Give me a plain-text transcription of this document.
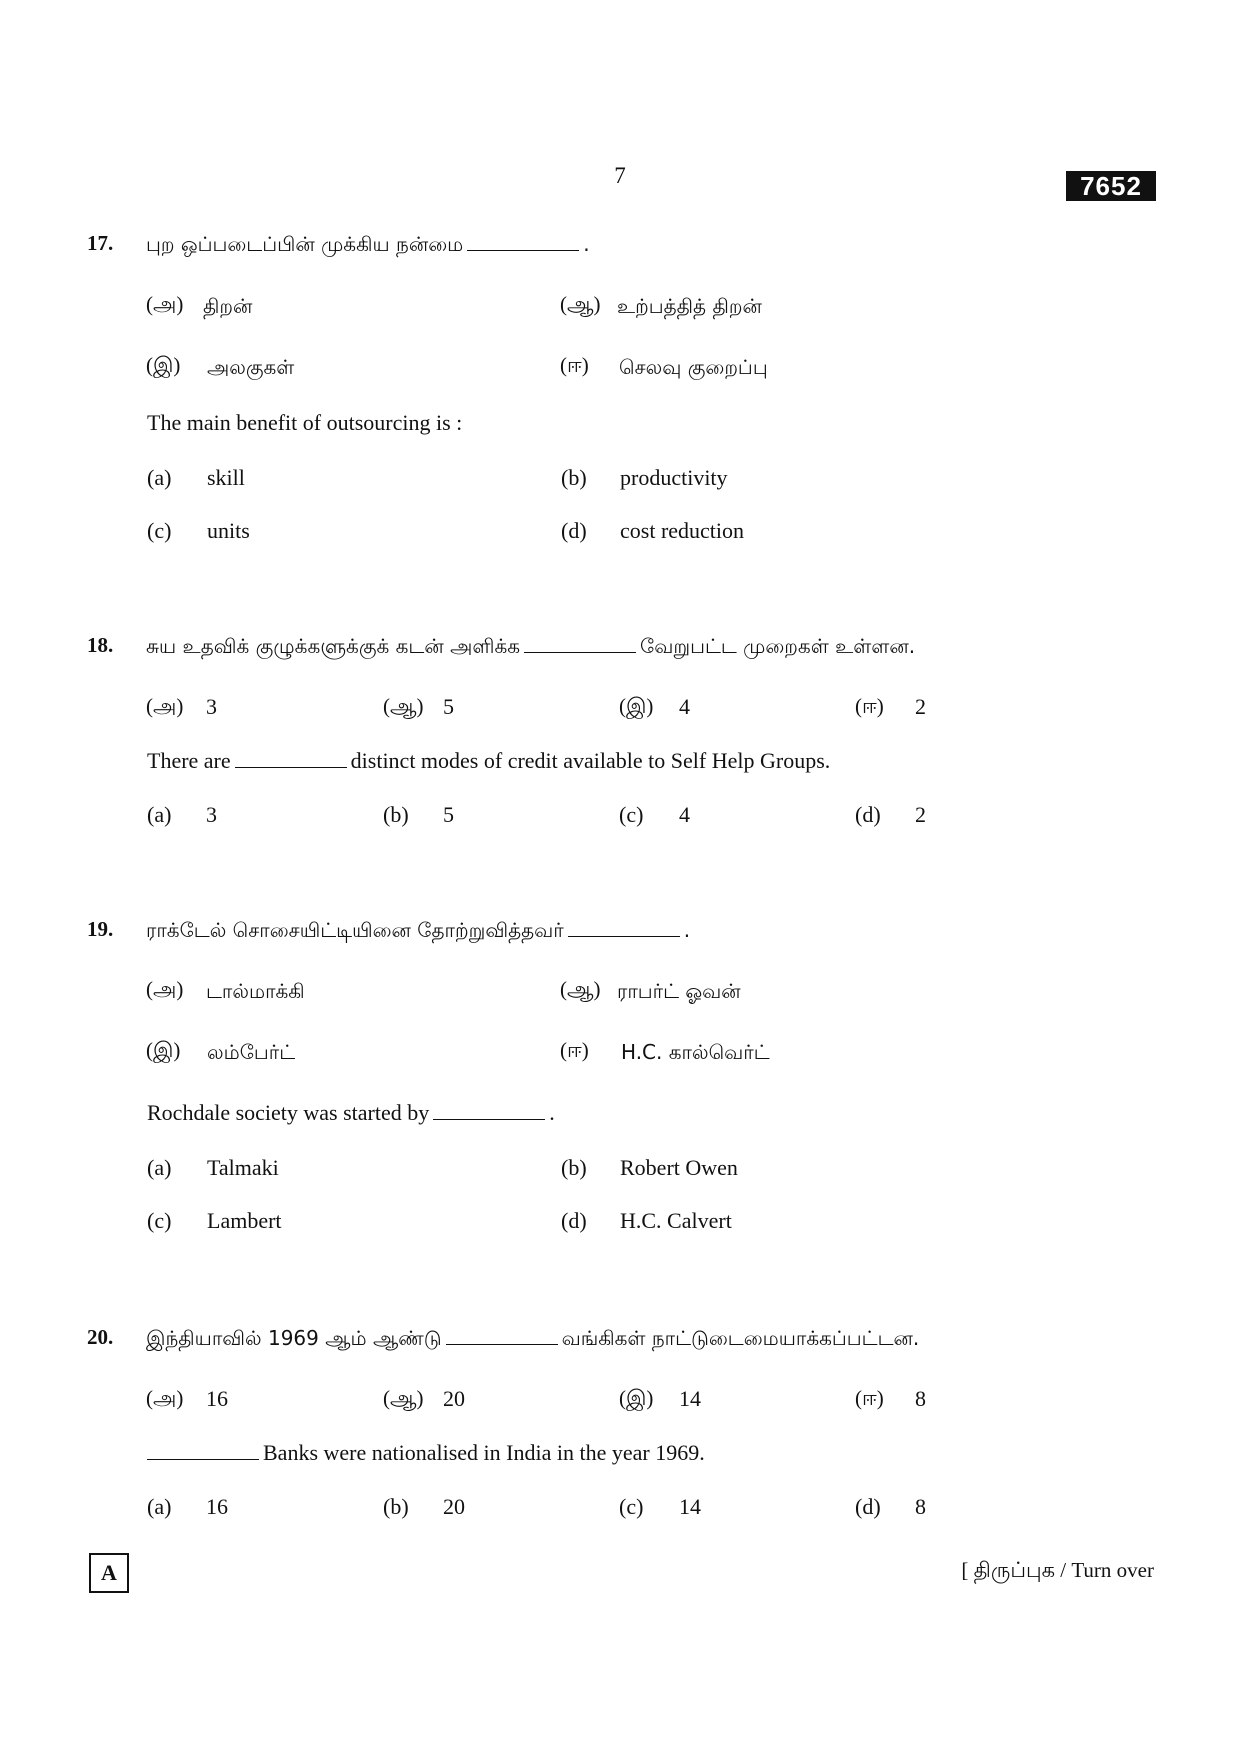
7	7652
17. புற ஒப்படைப்பின் முக்கிய நன்மை	.
(அ) திறன்	(ஆ) உற்பத்தித் திறன்
(இ) அலகுகள்	(ஈ) செலவு குறைப்பு
The main benefit of outsourcing is :
(a) skill	(b) productivity
(c) units	(d) cost reduction
18. சுய உதவிக் குழுக்களுக்குக் கடன் அளிக்க	வேறுபட்ட முறைகள் உள்ளன.
(அ) 3	(ஆ) 5	(இ) 4	(ஈ) 2
There are	distinct modes of credit available to Self Help Groups.
(a) 3	(b) 5	(c) 4	(d) 2
19. ராக்டேல் சொசையிட்டியினை தோற்றுவித்தவர்	.
(அ) டால்மாக்கி	(ஆ) ராபர்ட் ஓவன்
(இ) லம்பேர்ட்	(ஈ) H.C. கால்வெர்ட்
Rochdale society was started by	.
(a) Talmaki	(b) Robert Owen
(c) Lambert	(d) H.C. Calvert
20. இந்தியாவில் 1969 ஆம் ஆண்டு	வங்கிகள் நாட்டுடைமையாக்கப்பட்டன.
(அ) 16	(ஆ) 20	(இ) 14	(ஈ) 8
Banks were nationalised in India in the year 1969.
(a) 16	(b) 20	(c) 14	(d) 8
A	[ திருப்புக / Turn over
